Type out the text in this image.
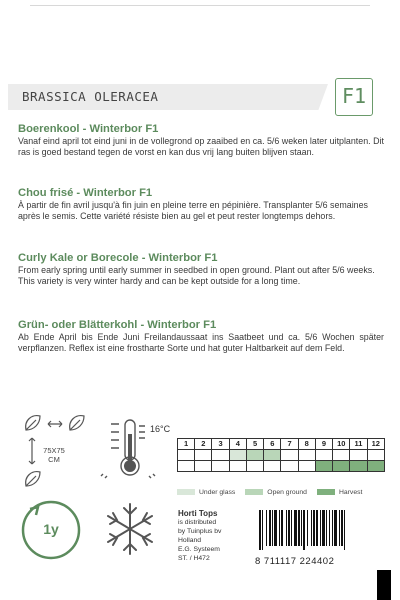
BRASSICA OLERACEA	F1
Boerenkool - Winterbor F1
Vanaf eind april tot eind juni in de vollegrond op zaaibed en ca. 5/6 weken later uitplanten. Dit ras is goed bestand tegen de vorst en kan dus vrij lang buiten blijven staan.
Chou frisé - Winterbor F1
À partir de fin avril jusqu'à fin juin en pleine terre en pépinière. Transplanter 5/6 semaines après le semis. Cette variété résiste bien au gel et peut rester longtemps dehors.
Curly Kale or Borecole - Winterbor F1
From early spring until early summer in seedbed in open ground. Plant out after 5/6 weeks. This variety is very winter hardy and can be kept outside for a long time.
Grün- oder Blätterkohl - Winterbor F1
Ab Ende April bis Ende Juni Freilandaussaat ins Saatbeet und ca. 5/6 Wochen später verpflanzen. Reflex ist eine frostharte Sorte und hat guter Haltbarkeit auf dem Feld.
75X75
CM
16°C
1y
1	2	3	4	5	6	7	8	9	10	11	12

Under glass	Open ground	Harvest
Horti Tops
is distributed
by Tuinplus bv
Holland
E.G. Systeem
ST. / H472	8 711117 224402
